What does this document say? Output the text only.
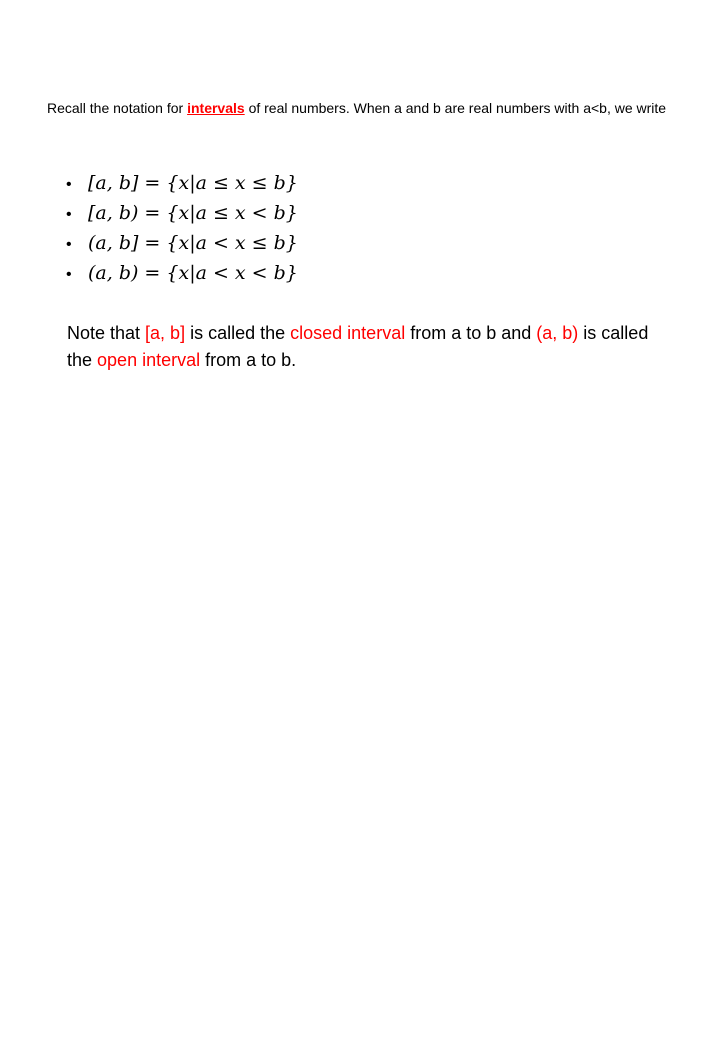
Recall the notation for intervals of real numbers. When a and b are real numbers with a<b, we write
• [a, b] = {x|a ≤ x ≤ b}
• [a, b) = {x|a ≤ x < b}
• (a, b] = {x|a < x ≤ b}
• (a, b) = {x|a < x < b}
Note that [a, b] is called the closed interval from a to b and (a, b) is called the open interval from a to b.
